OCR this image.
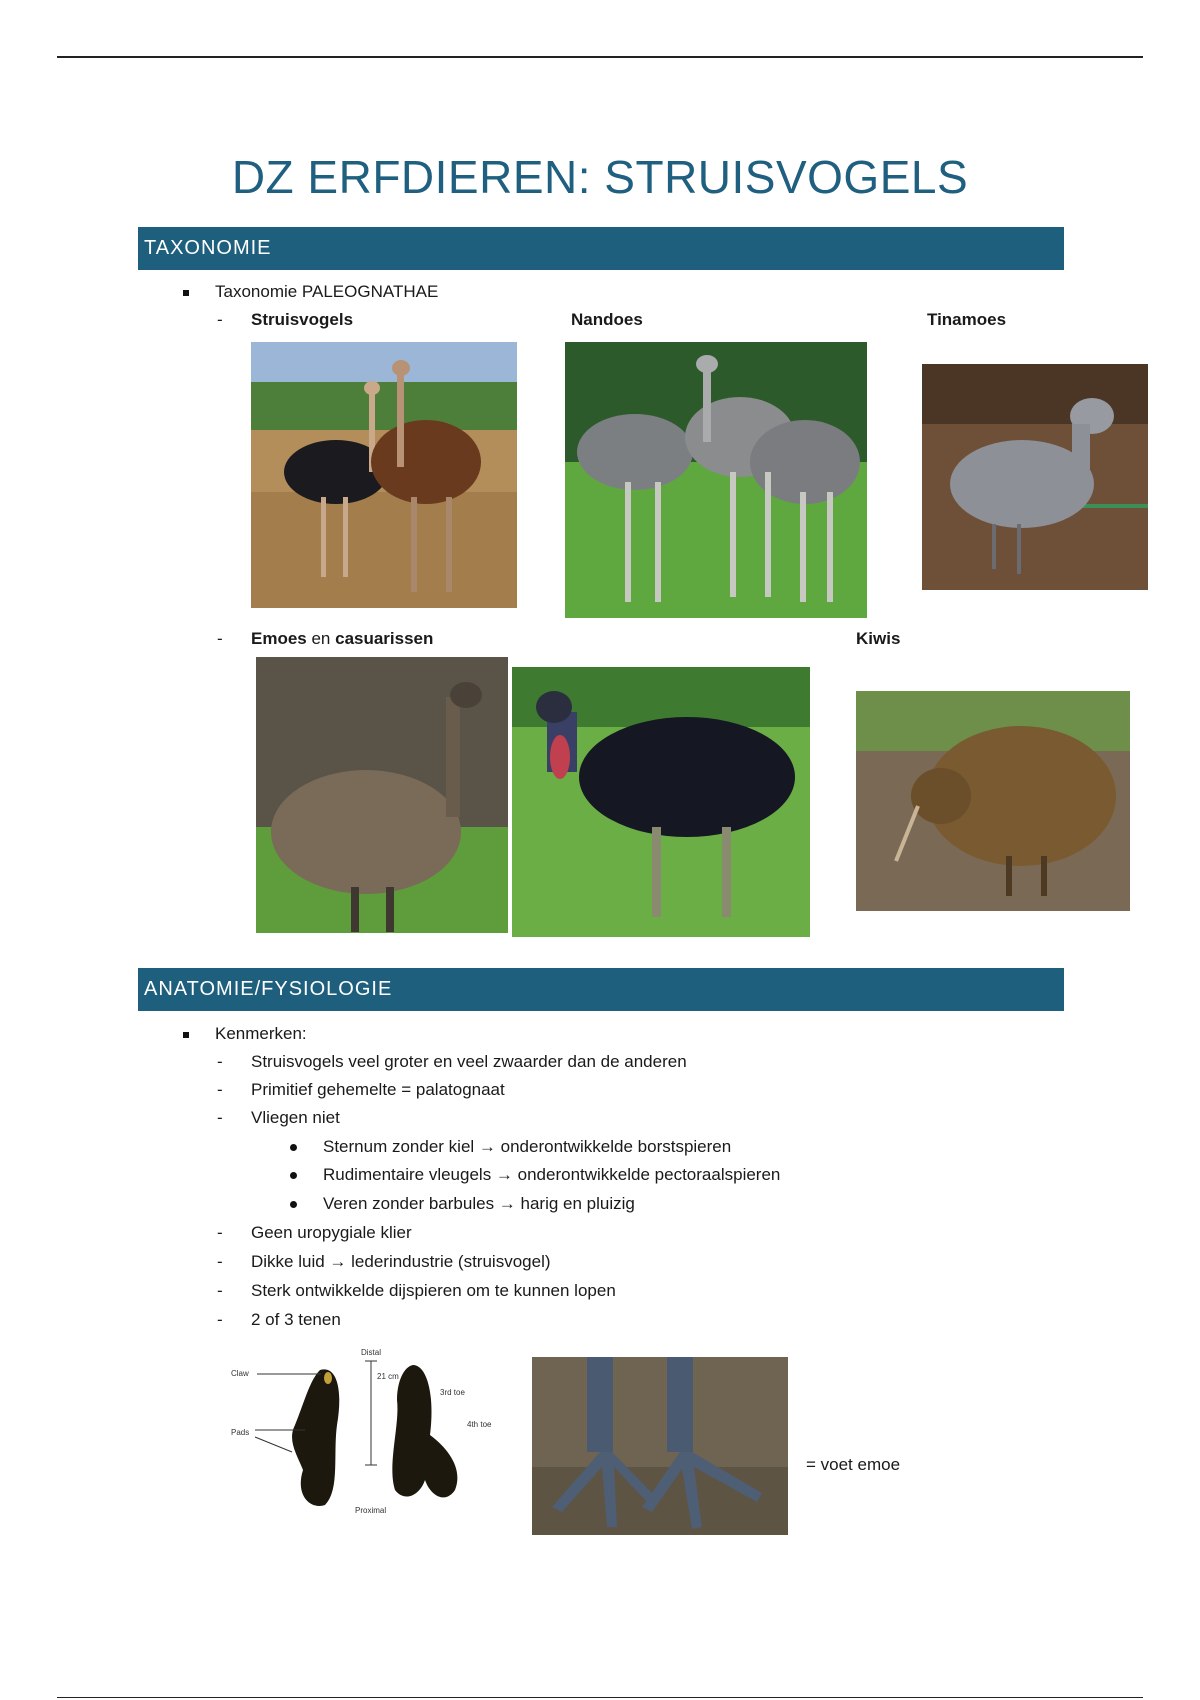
DZ ERFDIEREN: STRUISVOGELS
TAXONOMIE
Taxonomie PALEOGNATHAE
- Struisvogels	Nandoes	Tinamoes
- Emoes en casuarissen	Kiwis
ANATOMIE/FYSIOLOGIE
Kenmerken:
- Struisvogels veel groter en veel zwaarder dan de anderen
- Primitief gehemelte = palatognaat
- Vliegen niet
Sternum zonder kiel → onderontwikkelde borstspieren
Rudimentaire vleugels → onderontwikkelde pectoraalspieren
Veren zonder barbules → harig en pluizig
- Geen uropygiale klier
- Dikke luid → lederindustrie (struisvogel)
- Sterk ontwikkelde dijspieren om te kunnen lopen
- 2 of 3 tenen
Distal
Claw
Pads
21 cm
3rd toe
4th toe
Proximal
= voet emoe
